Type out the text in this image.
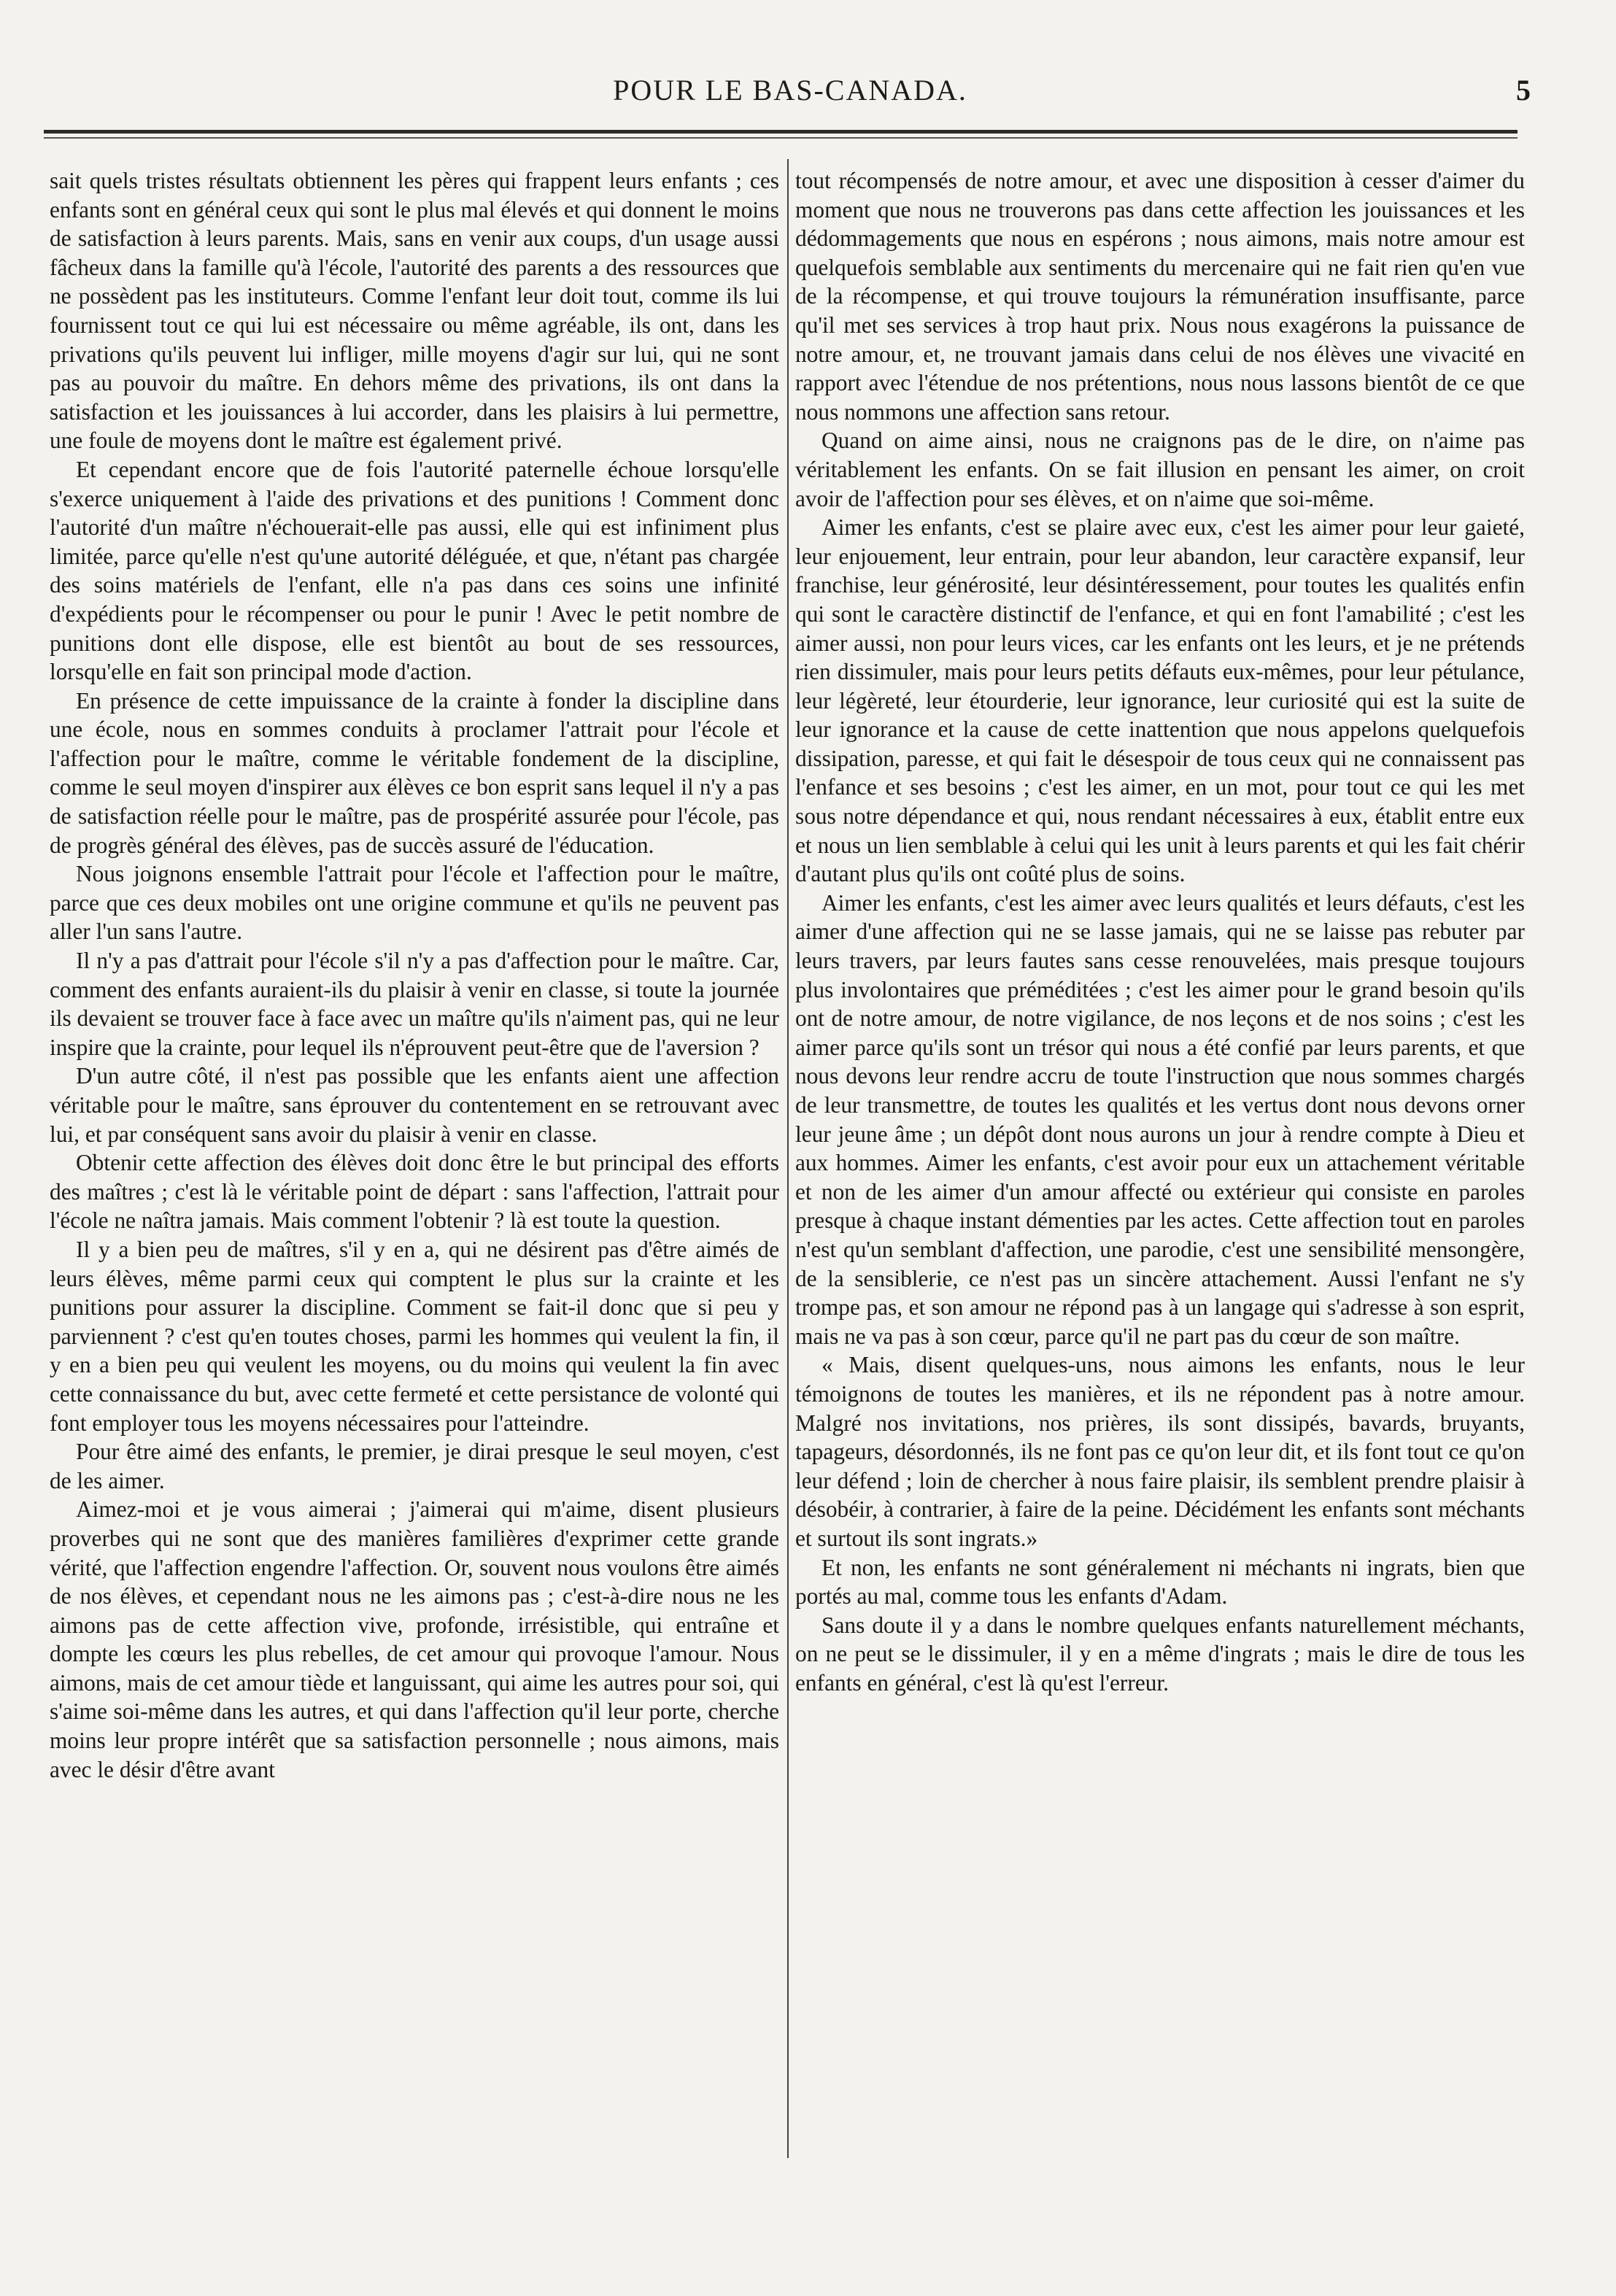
POUR LE BAS-CANADA.	5

sait quels tristes résultats obtiennent les pères qui frappent leurs enfants ; ces enfants sont en général ceux qui sont le plus mal élevés et qui donnent le moins de satisfaction à leurs parents. Mais, sans en venir aux coups, d'un usage aussi fâcheux dans la famille qu'à l'école, l'autorité des parents a des ressources que ne possèdent pas les instituteurs. Comme l'enfant leur doit tout, comme ils lui fournissent tout ce qui lui est nécessaire ou même agréable, ils ont, dans les privations qu'ils peuvent lui infliger, mille moyens d'agir sur lui, qui ne sont pas au pouvoir du maître. En dehors même des privations, ils ont dans la satisfaction et les jouissances à lui accorder, dans les plaisirs à lui permettre, une foule de moyens dont le maître est également privé.

Et cependant encore que de fois l'autorité paternelle échoue lorsqu'elle s'exerce uniquement à l'aide des privations et des punitions ! Comment donc l'autorité d'un maître n'échouerait-elle pas aussi, elle qui est infiniment plus limitée, parce qu'elle n'est qu'une autorité déléguée, et que, n'étant pas chargée des soins matériels de l'enfant, elle n'a pas dans ces soins une infinité d'expédients pour le récompenser ou pour le punir ! Avec le petit nombre de punitions dont elle dispose, elle est bientôt au bout de ses ressources, lorsqu'elle en fait son principal mode d'action.

En présence de cette impuissance de la crainte à fonder la discipline dans une école, nous en sommes conduits à proclamer l'attrait pour l'école et l'affection pour le maître, comme le véritable fondement de la discipline, comme le seul moyen d'inspirer aux élèves ce bon esprit sans lequel il n'y a pas de satisfaction réelle pour le maître, pas de prospérité assurée pour l'école, pas de progrès général des élèves, pas de succès assuré de l'éducation.

Nous joignons ensemble l'attrait pour l'école et l'affection pour le maître, parce que ces deux mobiles ont une origine commune et qu'ils ne peuvent pas aller l'un sans l'autre.

Il n'y a pas d'attrait pour l'école s'il n'y a pas d'affection pour le maître. Car, comment des enfants auraient-ils du plaisir à venir en classe, si toute la journée ils devaient se trouver face à face avec un maître qu'ils n'aiment pas, qui ne leur inspire que la crainte, pour lequel ils n'éprouvent peut-être que de l'aversion ?

D'un autre côté, il n'est pas possible que les enfants aient une affection véritable pour le maître, sans éprouver du contentement en se retrouvant avec lui, et par conséquent sans avoir du plaisir à venir en classe.

Obtenir cette affection des élèves doit donc être le but principal des efforts des maîtres ; c'est là le véritable point de départ : sans l'affection, l'attrait pour l'école ne naîtra jamais. Mais comment l'obtenir ? là est toute la question.

Il y a bien peu de maîtres, s'il y en a, qui ne désirent pas d'être aimés de leurs élèves, même parmi ceux qui comptent le plus sur la crainte et les punitions pour assurer la discipline. Comment se fait-il donc que si peu y parviennent ? c'est qu'en toutes choses, parmi les hommes qui veulent la fin, il y en a bien peu qui veulent les moyens, ou du moins qui veulent la fin avec cette connaissance du but, avec cette fermeté et cette persistance de volonté qui font employer tous les moyens nécessaires pour l'atteindre.

Pour être aimé des enfants, le premier, je dirai presque le seul moyen, c'est de les aimer.

Aimez-moi et je vous aimerai ; j'aimerai qui m'aime, disent plusieurs proverbes qui ne sont que des manières familières d'exprimer cette grande vérité, que l'affection engendre l'affection. Or, souvent nous voulons être aimés de nos élèves, et cependant nous ne les aimons pas ; c'est-à-dire nous ne les aimons pas de cette affection vive, profonde, irrésistible, qui entraîne et dompte les cœurs les plus rebelles, de cet amour qui provoque l'amour. Nous aimons, mais de cet amour tiède et languissant, qui aime les autres pour soi, qui s'aime soi-même dans les autres, et qui dans l'affection qu'il leur porte, cherche moins leur propre intérêt que sa satisfaction personnelle ; nous aimons, mais avec le désir d'être avant

tout récompensés de notre amour, et avec une disposition à cesser d'aimer du moment que nous ne trouverons pas dans cette affection les jouissances et les dédommagements que nous en espérons ; nous aimons, mais notre amour est quelquefois semblable aux sentiments du mercenaire qui ne fait rien qu'en vue de la récompense, et qui trouve toujours la rémunération insuffisante, parce qu'il met ses services à trop haut prix. Nous nous exagérons la puissance de notre amour, et, ne trouvant jamais dans celui de nos élèves une vivacité en rapport avec l'étendue de nos prétentions, nous nous lassons bientôt de ce que nous nommons une affection sans retour.

Quand on aime ainsi, nous ne craignons pas de le dire, on n'aime pas véritablement les enfants. On se fait illusion en pensant les aimer, on croit avoir de l'affection pour ses élèves, et on n'aime que soi-même.

Aimer les enfants, c'est se plaire avec eux, c'est les aimer pour leur gaieté, leur enjouement, leur entrain, pour leur abandon, leur caractère expansif, leur franchise, leur générosité, leur désintéressement, pour toutes les qualités enfin qui sont le caractère distinctif de l'enfance, et qui en font l'amabilité ; c'est les aimer aussi, non pour leurs vices, car les enfants ont les leurs, et je ne prétends rien dissimuler, mais pour leurs petits défauts eux-mêmes, pour leur pétulance, leur légèreté, leur étourderie, leur ignorance, leur curiosité qui est la suite de leur ignorance et la cause de cette inattention que nous appelons quelquefois dissipation, paresse, et qui fait le désespoir de tous ceux qui ne connaissent pas l'enfance et ses besoins ; c'est les aimer, en un mot, pour tout ce qui les met sous notre dépendance et qui, nous rendant nécessaires à eux, établit entre eux et nous un lien semblable à celui qui les unit à leurs parents et qui les fait chérir d'autant plus qu'ils ont coûté plus de soins.

Aimer les enfants, c'est les aimer avec leurs qualités et leurs défauts, c'est les aimer d'une affection qui ne se lasse jamais, qui ne se laisse pas rebuter par leurs travers, par leurs fautes sans cesse renouvelées, mais presque toujours plus involontaires que préméditées ; c'est les aimer pour le grand besoin qu'ils ont de notre amour, de notre vigilance, de nos leçons et de nos soins ; c'est les aimer parce qu'ils sont un trésor qui nous a été confié par leurs parents, et que nous devons leur rendre accru de toute l'instruction que nous sommes chargés de leur transmettre, de toutes les qualités et les vertus dont nous devons orner leur jeune âme ; un dépôt dont nous aurons un jour à rendre compte à Dieu et aux hommes. Aimer les enfants, c'est avoir pour eux un attachement véritable et non de les aimer d'un amour affecté ou extérieur qui consiste en paroles presque à chaque instant démenties par les actes. Cette affection tout en paroles n'est qu'un semblant d'affection, une parodie, c'est une sensibilité mensongère, de la sensiblerie, ce n'est pas un sincère attachement. Aussi l'enfant ne s'y trompe pas, et son amour ne répond pas à un langage qui s'adresse à son esprit, mais ne va pas à son cœur, parce qu'il ne part pas du cœur de son maître.

« Mais, disent quelques-uns, nous aimons les enfants, nous le leur témoignons de toutes les manières, et ils ne répondent pas à notre amour. Malgré nos invitations, nos prières, ils sont dissipés, bavards, bruyants, tapageurs, désordonnés, ils ne font pas ce qu'on leur dit, et ils font tout ce qu'on leur défend ; loin de chercher à nous faire plaisir, ils semblent prendre plaisir à désobéir, à contrarier, à faire de la peine. Décidément les enfants sont méchants et surtout ils sont ingrats.»

Et non, les enfants ne sont généralement ni méchants ni ingrats, bien que portés au mal, comme tous les enfants d'Adam.

Sans doute il y a dans le nombre quelques enfants naturellement méchants, on ne peut se le dissimuler, il y en a même d'ingrats ; mais le dire de tous les enfants en général, c'est là qu'est l'erreur.
